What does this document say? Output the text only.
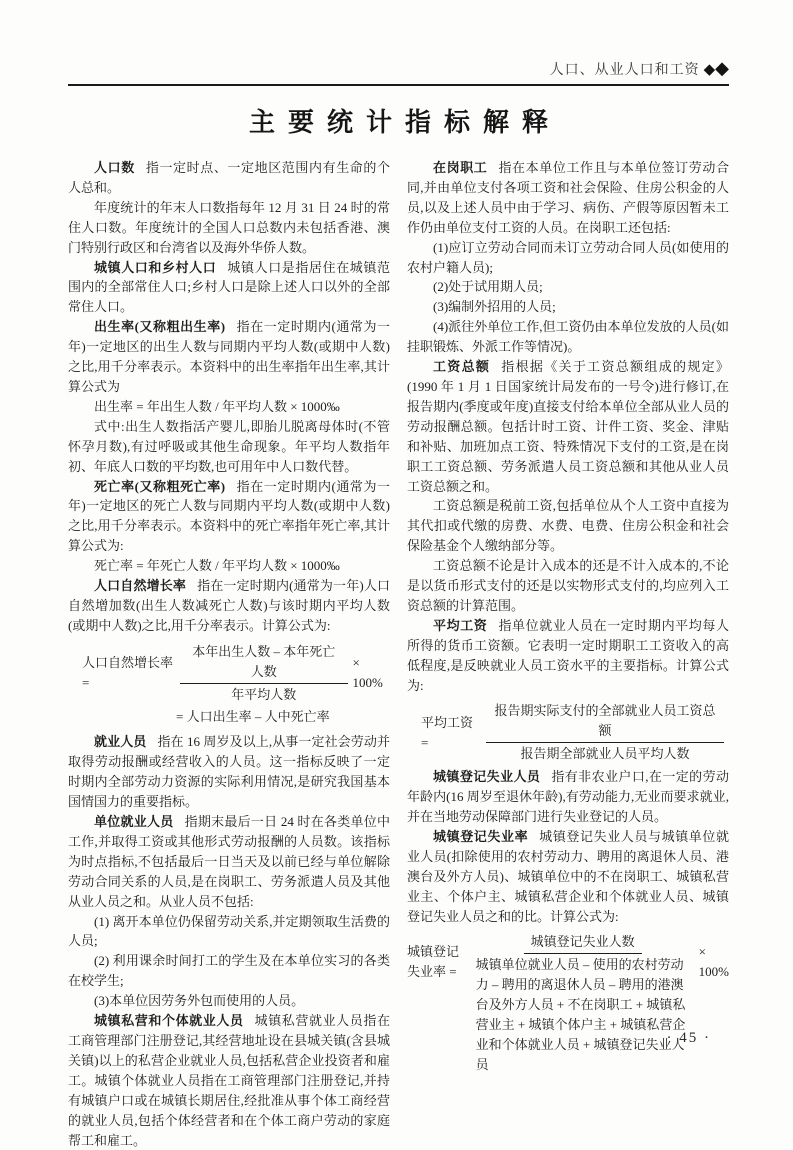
人口、从业人口和工资 ◆◆
主要统计指标解释

人口数 指一定时点、一定地区范围内有生命的个人总和。

年度统计的年末人口数指每年 12 月 31 日 24 时的常住人口数。年度统计的全国人口总数内未包括香港、澳门特别行政区和台湾省以及海外华侨人数。

城镇人口和乡村人口 城镇人口是指居住在城镇范围内的全部常住人口;乡村人口是除上述人口以外的全部常住人口。

出生率(又称粗出生率) 指在一定时期内(通常为一年)一定地区的出生人数与同期内平均人数(或期中人数)之比,用千分率表示。本资料中的出生率指年出生率,其计算公式为

出生率 = 年出生人数 / 年平均人数 × 1000‰

式中:出生人数指活产婴儿,即胎儿脱离母体时(不管怀孕月数),有过呼吸或其他生命现象。年平均人数指年初、年底人口数的平均数,也可用年中人口数代替。

死亡率(又称粗死亡率) 指在一定时期内(通常为一年)一定地区的死亡人数与同期内平均人数(或期中人数)之比,用千分率表示。本资料中的死亡率指年死亡率,其计算公式为:

死亡率 = 年死亡人数 / 年平均人数 × 1000‰

人口自然增长率 指在一定时期内(通常为一年)人口自然增加数(出生人数减死亡人数)与该时期内平均人数(或期中人数)之比,用千分率表示。计算公式为:

人口自然增长率 =	$\frac{\text{本年出生人数 – 本年死亡人数}}{\text{年平均人数}} \times 100\%$
= 人口出生率 – 人中死亡率

就业人员 指在 16 周岁及以上,从事一定社会劳动并取得劳动报酬或经营收入的人员。这一指标反映了一定时期内全部劳动力资源的实际利用情况,是研究我国基本国情国力的重要指标。

单位就业人员 指期末最后一日 24 时在各类单位中工作,并取得工资或其他形式劳动报酬的人员数。该指标为时点指标,不包括最后一日当天及以前已经与单位解除劳动合同关系的人员,是在岗职工、劳务派遣人员及其他从业人员之和。从业人员不包括:

(1) 离开本单位仍保留劳动关系,并定期领取生活费的人员;

(2) 利用课余时间打工的学生及在本单位实习的各类在校学生;

(3)本单位因劳务外包而使用的人员。

城镇私营和个体就业人员 城镇私营就业人员指在工商管理部门注册登记,其经营地址设在县城关镇(含县城关镇)以上的私营企业就业人员,包括私营企业投资者和雇工。城镇个体就业人员指在工商管理部门注册登记,并持有城镇户口或在城镇长期居住,经批准从事个体工商经营的就业人员,包括个体经营者和在个体工商户劳动的家庭帮工和雇工。

在岗职工 指在本单位工作且与本单位签订劳动合同,并由单位支付各项工资和社会保险、住房公积金的人员,以及上述人员中由于学习、病伤、产假等原因暂未工作仍由单位支付工资的人员。在岗职工还包括:

(1)应订立劳动合同而未订立劳动合同人员(如使用的农村户籍人员);

(2)处于试用期人员;

(3)编制外招用的人员;

(4)派往外单位工作,但工资仍由本单位发放的人员(如挂职锻炼、外派工作等情况)。

工资总额 指根据《关于工资总额组成的规定》(1990 年 1 月 1 日国家统计局发布的一号令)进行修订,在报告期内(季度或年度)直接支付给本单位全部从业人员的劳动报酬总额。包括计时工资、计件工资、奖金、津贴和补贴、加班加点工资、特殊情况下支付的工资,是在岗职工工资总额、劳务派遣人员工资总额和其他从业人员工资总额之和。

工资总额是税前工资,包括单位从个人工资中直接为其代扣或代缴的房费、水费、电费、住房公积金和社会保险基金个人缴纳部分等。

工资总额不论是计入成本的还是不计入成本的,不论是以货币形式支付的还是以实物形式支付的,均应列入工资总额的计算范围。

平均工资 指单位就业人员在一定时期内平均每人所得的货币工资额。它表明一定时期职工工资收入的高低程度,是反映就业人员工资水平的主要指标。计算公式为:

平均工资 =	$\frac{\text{报告期实际支付的全部就业人员工资总额}}{\text{报告期全部就业人员平均人数}}$

城镇登记失业人员 指有非农业户口,在一定的劳动年龄内(16 周岁至退休年龄),有劳动能力,无业而要求就业,并在当地劳动保障部门进行失业登记的人员。

城镇登记失业率 城镇登记失业人员与城镇单位就业人员(扣除使用的农村劳动力、聘用的离退休人员、港澳台及外方人员)、城镇单位中的不在岗职工、城镇私营业主、个体户主、城镇私营企业和个体就业人员、城镇登记失业人员之和的比。计算公式为:

城镇登记失业率 =
城镇登记失业人数
城镇单位就业人员 – 使用的农村劳动力 – 聘用的离退休人员 – 聘用的港澳台及外方人员 + 不在岗职工 + 城镇私营业主 + 城镇个体户主 + 城镇私营企业和个体就业人员 + 城镇登记失业人员
× 100%
· 45 ·
